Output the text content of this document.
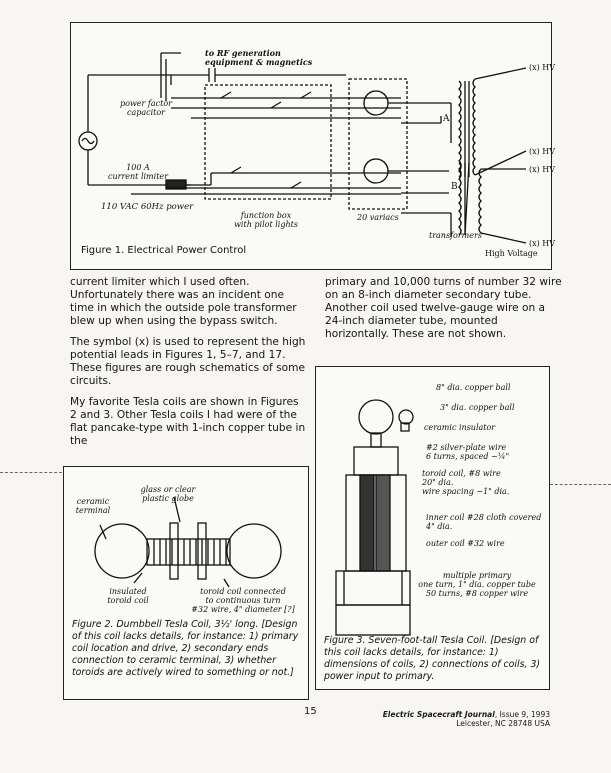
to RF generation
equipment & magnetics
power factor
capacitor
100 A
current limiter
110 VAC 60Hz power
function box
with pilot lights
20 variacs
transformers
High Voltage
(x) HV
(x) HV
(x) HV
(x) HV
A
B
Figure 1. Electrical Power Control

current limiter which I used often. Unfortunately there was an incident one time in which the outside pole transformer blew up when using the bypass switch.

The symbol (x) is used to represent the high potential leads in Figures 1, 5–7, and 17. These figures are rough schematics of some circuits.

My favorite Tesla coils are shown in Figures 2 and 3. Other Tesla coils I had were of the flat pancake-type with 1-inch copper tube in the

primary and 10,000 turns of number 32 wire on an 8-inch diameter secondary tube. Another coil used twelve-gauge wire on a 24-inch diameter tube, mounted horizontally. These are not shown.

glass or clear
plastic globe
ceramic
terminal
insulated
toroid coil
toroid coil connected
to continuous turn
#32 wire, 4" diameter [?]
Figure 2. Dumbbell Tesla Coil, 3½' long. [Design of this coil lacks details, for instance: 1) primary coil location and drive, 2) secondary ends connection to ceramic terminal, 3) whether toroids are actively wired to something or not.]
8" dia. copper ball
3" dia. copper ball
ceramic insulator
#2 silver-plate wire
6 turns, spaced ~¼"
toroid coil, #8 wire
20" dia.
wire spacing ~1" dia.
inner coil #28 cloth covered
4" dia.
outer coil #32 wire
multiple primary
one turn, 1" dia. copper tube
50 turns, #8 copper wire
Figure 3. Seven-foot-tall Tesla Coil. [Design of this coil lacks details, for instance: 1) dimensions of coils, 2) connections of coils, 3) power input to primary.
15	Electric Spacecraft Journal, Issue 9, 1993
Leicester, NC 28748 USA
